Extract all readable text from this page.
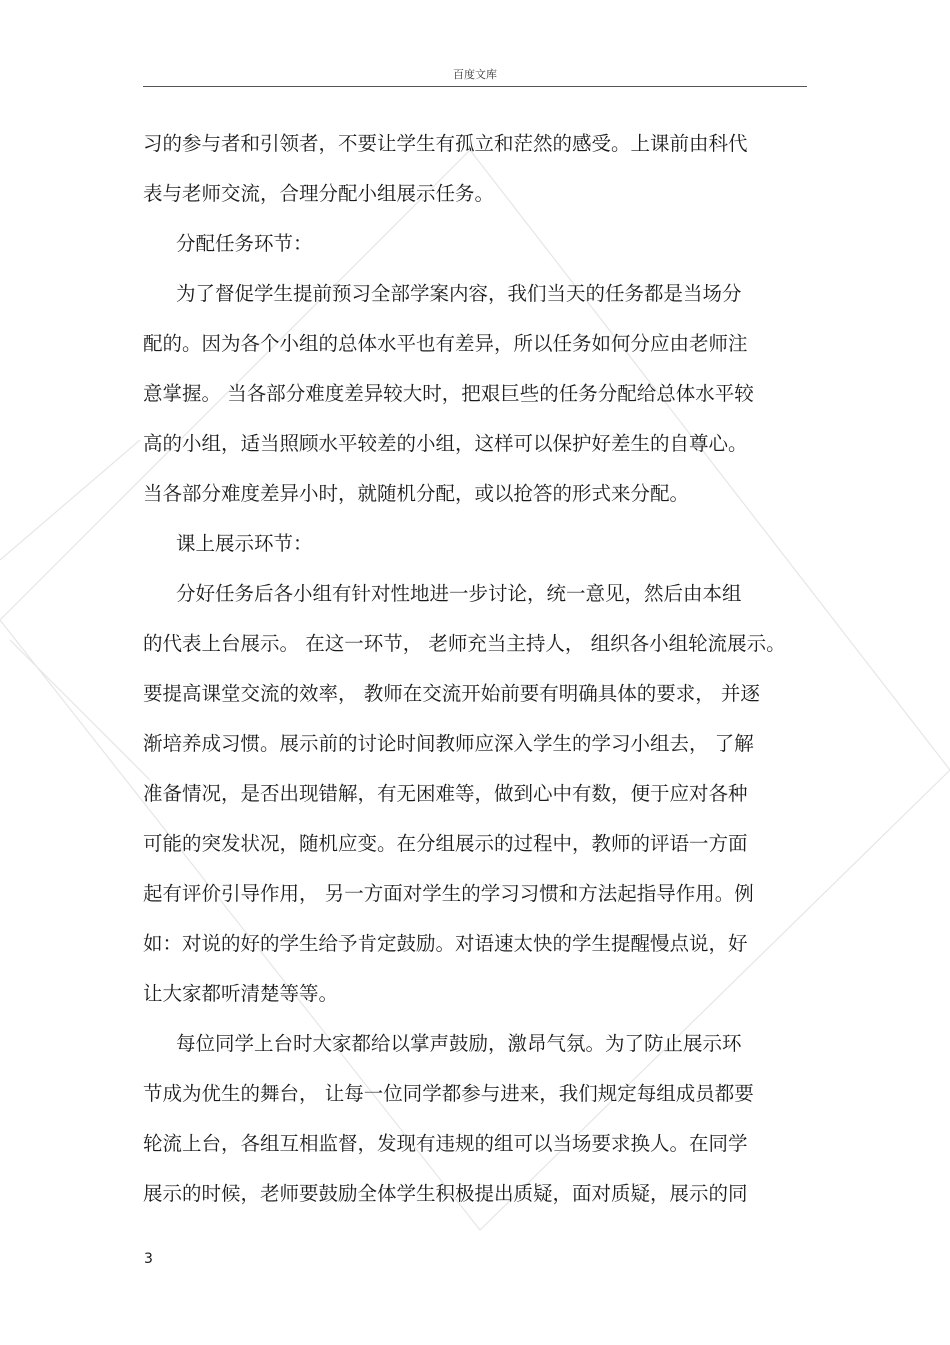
百度文库
习的参与者和引领者，不要让学生有孤立和茫然的感受。上课前由科代
表与老师交流，合理分配小组展示任务。
分配任务环节：
为了督促学生提前预习全部学案内容，我们当天的任务都是当场分
配的。因为各个小组的总体水平也有差异，所以任务如何分应由老师注
意掌握。 当各部分难度差异较大时，把艰巨些的任务分配给总体水平较
高的小组，适当照顾水平较差的小组，这样可以保护好差生的自尊心。
当各部分难度差异小时，就随机分配，或以抢答的形式来分配。
课上展示环节：
分好任务后各小组有针对性地进一步讨论，统一意见，然后由本组
的代表上台展示。 在这一环节， 老师充当主持人， 组织各小组轮流展示。
要提高课堂交流的效率， 教师在交流开始前要有明确具体的要求， 并逐
渐培养成习惯。展示前的讨论时间教师应深入学生的学习小组去， 了解
准备情况，是否出现错解，有无困难等，做到心中有数，便于应对各种
可能的突发状况，随机应变。在分组展示的过程中，教师的评语一方面
起有评价引导作用， 另一方面对学生的学习习惯和方法起指导作用。例
如：对说的好的学生给予肯定鼓励。对语速太快的学生提醒慢点说，好
让大家都听清楚等等。
每位同学上台时大家都给以掌声鼓励，激昂气氛。为了防止展示环
节成为优生的舞台， 让每一位同学都参与进来，我们规定每组成员都要
轮流上台，各组互相监督，发现有违规的组可以当场要求换人。在同学
展示的时候，老师要鼓励全体学生积极提出质疑，面对质疑，展示的同
3
